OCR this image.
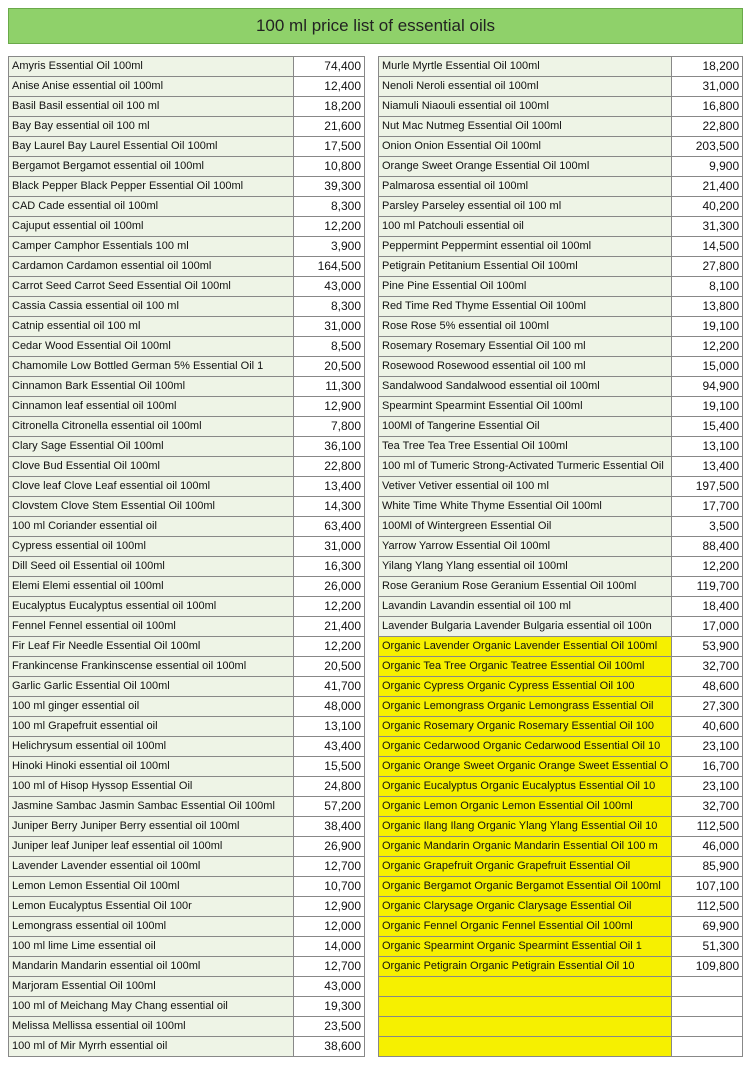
100 ml price list of essential oils
Amyris Essential Oil 100ml	74,400
Anise Anise essential oil 100ml	12,400
Basil Basil essential oil 100 ml	18,200
Bay Bay essential oil 100 ml	21,600
Bay Laurel Bay Laurel Essential Oil 100ml	17,500
Bergamot Bergamot essential oil 100ml	10,800
Black Pepper Black Pepper Essential Oil 100ml	39,300
CAD Cade essential oil 100ml	8,300
Cajuput essential oil 100ml	12,200
Camper Camphor Essentials 100 ml	3,900
Cardamon Cardamon essential oil 100ml	164,500
Carrot Seed Carrot Seed Essential Oil 100ml	43,000
Cassia Cassia essential oil 100 ml	8,300
Catnip essential oil 100 ml	31,000
Cedar Wood Essential Oil 100ml	8,500
Chamomile Low Bottled German 5% Essential Oil 1	20,500
Cinnamon Bark Essential Oil 100ml	11,300
Cinnamon leaf essential oil 100ml	12,900
Citronella Citronella essential oil 100ml	7,800
Clary Sage Essential Oil 100ml	36,100
Clove Bud Essential Oil 100ml	22,800
Clove leaf Clove Leaf essential oil 100ml	13,400
Clovstem Clove Stem Essential Oil 100ml	14,300
100 ml Coriander essential oil	63,400
Cypress essential oil 100ml	31,000
Dill Seed oil Essential oil 100ml	16,300
Elemi Elemi essential oil 100ml	26,000
Eucalyptus Eucalyptus essential oil 100ml	12,200
Fennel Fennel essential oil 100ml	21,400
Fir Leaf Fir Needle Essential Oil 100ml	12,200
Frankincense Frankinscense essential oil 100ml	20,500
Garlic Garlic Essential Oil 100ml	41,700
100 ml ginger essential oil	48,000
100 ml Grapefruit essential oil	13,100
Helichrysum essential oil 100ml	43,400
Hinoki Hinoki essential oil 100ml	15,500
100 ml of Hisop Hyssop Essential Oil	24,800
Jasmine Sambac Jasmin Sambac Essential Oil 100ml	57,200
Juniper Berry Juniper Berry essential oil 100ml	38,400
Juniper leaf Juniper leaf essential oil 100ml	26,900
Lavender Lavender essential oil 100ml	12,700
Lemon Lemon Essential Oil 100ml	10,700
Lemon Eucalyptus Essential Oil 100r	12,900
Lemongrass essential oil 100ml	12,000
100 ml lime Lime essential oil	14,000
Mandarin Mandarin essential oil 100ml	12,700
Marjoram Essential Oil 100ml	43,000
100 ml of Meichang May Chang essential oil	19,300
Melissa Mellissa essential oil 100ml	23,500
100 ml of Mir Myrrh essential oil	38,600
Murle Myrtle Essential Oil 100ml	18,200
Nenoli Neroli essential oil 100ml	31,000
Niamuli Niaouli essential oil 100ml	16,800
Nut Mac Nutmeg Essential Oil 100ml	22,800
Onion Onion Essential Oil 100ml	203,500
Orange Sweet Orange Essential Oil 100ml	9,900
Palmarosa essential oil 100ml	21,400
Parsley Parseley essential oil 100 ml	40,200
100 ml Patchouli essential oil	31,300
Peppermint Peppermint essential oil 100ml	14,500
Petigrain Petitanium Essential Oil 100ml	27,800
Pine Pine Essential Oil 100ml	8,100
Red Time Red Thyme Essential Oil 100ml	13,800
Rose Rose 5% essential oil 100ml	19,100
Rosemary Rosemary Essential Oil 100 ml	12,200
Rosewood Rosewood essential oil 100 ml	15,000
Sandalwood Sandalwood essential oil 100ml	94,900
Spearmint Spearmint Essential Oil 100ml	19,100
100Ml of Tangerine Essential Oil	15,400
Tea Tree Tea Tree Essential Oil 100ml	13,100
100 ml of Tumeric Strong-Activated Turmeric Essential Oil	13,400
Vetiver Vetiver essential oil 100 ml	197,500
White Time White Thyme Essential Oil 100ml	17,700
100Ml of Wintergreen Essential Oil	3,500
Yarrow Yarrow Essential Oil 100ml	88,400
Yilang Ylang Ylang essential oil 100ml	12,200
Rose Geranium Rose Geranium Essential Oil 100ml	119,700
Lavandin Lavandin essential oil 100 ml	18,400
Lavender Bulgaria Lavender Bulgaria essential oil 100n	17,000
Organic Lavender Organic Lavender Essential Oil 100ml	53,900
Organic Tea Tree Organic Teatree Essential Oil 100ml	32,700
Organic Cypress Organic Cypress Essential Oil 100	48,600
Organic Lemongrass Organic Lemongrass Essential Oil	27,300
Organic Rosemary Organic Rosemary Essential Oil 100	40,600
Organic Cedarwood Organic Cedarwood Essential Oil 10	23,100
Organic Orange Sweet Organic Orange Sweet Essential O	16,700
Organic Eucalyptus Organic Eucalyptus Essential Oil 10	23,100
Organic Lemon Organic Lemon Essential Oil 100ml	32,700
Organic Ilang Ilang Organic Ylang Ylang Essential Oil 10	112,500
Organic Mandarin Organic Mandarin Essential Oil 100 m	46,000
Organic Grapefruit Organic Grapefruit Essential Oil	85,900
Organic Bergamot Organic Bergamot Essential Oil 100ml	107,100
Organic Clarysage Organic Clarysage Essential Oil	112,500
Organic Fennel Organic Fennel Essential Oil 100ml	69,900
Organic Spearmint Organic Spearmint Essential Oil 1	51,300
Organic Petigrain Organic Petigrain Essential Oil 10	109,800
